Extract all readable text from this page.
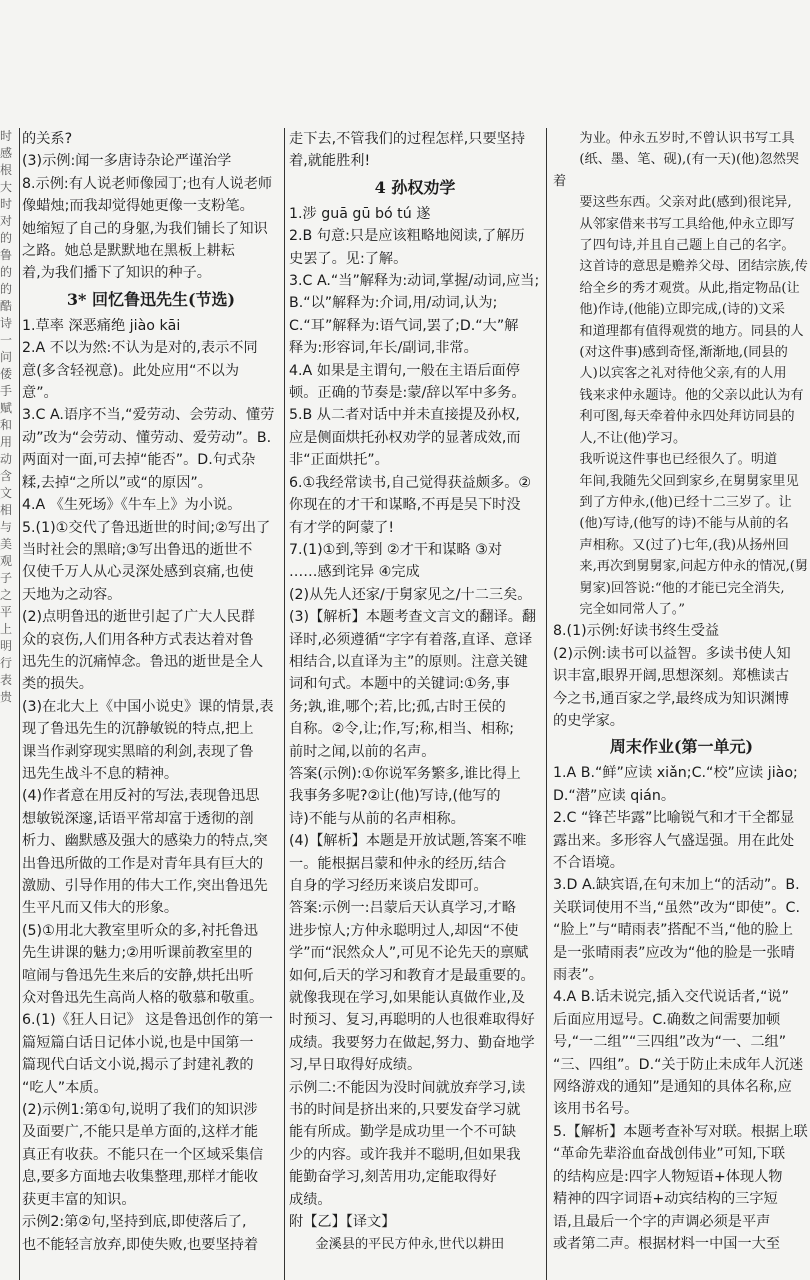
时

感

根

大

时

对

的

鲁

的

的

酷

诗

一

问

倭

手

赋

和

用

动

含

文

相

与

美

观

子

之

平

上

明

行

表

贵

的关系?

(3)示例:闻一多唐诗杂论严谨治学

8.示例:有人说老师像园丁;也有人说老师

像蜡烛;而我却觉得她更像一支粉笔。

她缩短了自己的身躯,为我们铺长了知识

之路。她总是默默地在黑板上耕耘

着,为我们播下了知识的种子。

3* 回忆鲁迅先生(节选)

1.草率 深恶痛绝 jiào kāi

2.A 不以为然:不认为是对的,表示不同

意(多含轻视意)。此处应用“不以为

意”。

3.C A.语序不当,“爱劳动、会劳动、懂劳

动”改为“会劳动、懂劳动、爱劳动”。B.

两面对一面,可去掉“能否”。D.句式杂

糅,去掉“之所以”或“的原因”。

4.A 《生死场》《牛车上》为小说。

5.(1)①交代了鲁迅逝世的时间;②写出了

当时社会的黑暗;③写出鲁迅的逝世不

仅使千万人从心灵深处感到哀痛,也使

天地为之动容。

(2)点明鲁迅的逝世引起了广大人民群

众的哀伤,人们用各种方式表达着对鲁

迅先生的沉痛悼念。鲁迅的逝世是全人

类的损失。

(3)在北大上《中国小说史》课的情景,表

现了鲁迅先生的沉静敏锐的特点,把上

课当作剥穿现实黑暗的利剑,表现了鲁

迅先生战斗不息的精神。

(4)作者意在用反衬的写法,表现鲁迅思

想敏锐深邃,话语平常却富于透彻的剖

析力、幽默感及强大的感染力的特点,突

出鲁迅所做的工作是对青年具有巨大的

激励、引导作用的伟大工作,突出鲁迅先

生平凡而又伟大的形象。

(5)①用北大教室里听众的多,衬托鲁迅

先生讲课的魅力;②用听课前教室里的

喧闹与鲁迅先生来后的安静,烘托出听

众对鲁迅先生高尚人格的敬慕和敬重。

6.(1)《狂人日记》 这是鲁迅创作的第一

篇短篇白话日记体小说,也是中国第一

篇现代白话文小说,揭示了封建礼教的

“吃人”本质。

(2)示例1:第①句,说明了我们的知识涉

及面要广,不能只是单方面的,这样才能

真正有收获。不能只在一个区域采集信

息,要多方面地去收集整理,那样才能收

获更丰富的知识。

示例2:第②句,坚持到底,即使落后了,

也不能轻言放弃,即使失败,也要坚持着

走下去,不管我们的过程怎样,只要坚持

着,就能胜利!

4 孙权劝学

1.涉 guā gū bó tú 遂

2.B 句意:只是应该粗略地阅读,了解历

史罢了。见:了解。

3.C A.“当”解释为:动词,掌握/动词,应当;

B.“以”解释为:介词,用/动词,认为;

C.“耳”解释为:语气词,罢了;D.“大”解

释为:形容词,年长/副词,非常。

4.A 如果是主谓句,一般在主语后面停

顿。正确的节奏是:蒙/辞以军中多务。

5.B 从二者对话中并未直接提及孙权,

应是侧面烘托孙权劝学的显著成效,而

非“正面烘托”。

6.①我经常读书,自己觉得获益颇多。②

你现在的才干和谋略,不再是吴下时没

有才学的阿蒙了!

7.(1)①到,等到 ②才干和谋略 ③对

……感到诧异 ④完成

(2)从先人还家/于舅家见之/十二三矣。

(3)【解析】本题考查文言文的翻译。翻

译时,必须遵循“字字有着落,直译、意译

相结合,以直译为主”的原则。注意关键

词和句式。本题中的关键词:①务,事

务;孰,谁,哪个;若,比;孤,古时王侯的

自称。②令,让;作,写;称,相当、相称;

前时之闻,以前的名声。

答案(示例):①你说军务繁多,谁比得上

我事务多呢?②让(他)写诗,(他写的

诗)不能与从前的名声相称。

(4)【解析】本题是开放试题,答案不唯

一。能根据吕蒙和仲永的经历,结合

自身的学习经历来谈启发即可。

答案:示例一:吕蒙后天认真学习,才略

进步惊人;方仲永聪明过人,却因“不使

学”而“泯然众人”,可见不论先天的禀赋

如何,后天的学习和教育才是最重要的。

就像我现在学习,如果能认真做作业,及

时预习、复习,再聪明的人也很难取得好

成绩。我要努力在做起,努力、勤奋地学

习,早日取得好成绩。

示例二:不能因为没时间就放弃学习,读

书的时间是挤出来的,只要发奋学习就

能有所成。勤学是成功里一个不可缺

少的内容。或许我并不聪明,但如果我

能勤奋学习,刻苦用功,定能取得好

成绩。

附【乙】【译文】

金溪县的平民方仲永,世代以耕田

为业。仲永五岁时,不曾认识书写工具

(纸、墨、笔、砚),(有一天)(他)忽然哭着

要这些东西。父亲对此(感到)很诧异,

从邻家借来书写工具给他,仲永立即写

了四句诗,并且自己题上自己的名字。

这首诗的意思是赡养父母、团结宗族,传

给全乡的秀才观赏。从此,指定物品(让

他)作诗,(他能)立即完成,(诗的)文采

和道理都有值得观赏的地方。同县的人

(对这件事)感到奇怪,渐渐地,(同县的

人)以宾客之礼对待他父亲,有的人用

钱来求仲永题诗。他的父亲以此认为有

利可图,每天牵着仲永四处拜访同县的

人,不让(他)学习。

我听说这件事也已经很久了。明道

年间,我随先父回到家乡,在舅舅家里见

到了方仲永,(他)已经十二三岁了。让

(他)写诗,(他写的诗)不能与从前的名

声相称。又(过了)七年,(我)从扬州回

来,再次到舅舅家,问起方仲永的情况,(舅

舅家)回答说:“他的才能已完全消失,

完全如同常人了。”

8.(1)示例:好读书终生受益

(2)示例:读书可以益智。多读书使人知

识丰富,眼界开阔,思想深刻。郑樵读古

今之书,通百家之学,最终成为知识渊博

的史学家。

周末作业(第一单元)

1.A B.“鲜”应读 xiǎn;C.“校”应读 jiào;

D.“潜”应读 qián。

2.C “锋芒毕露”比喻锐气和才干全都显

露出来。多形容人气盛逞强。用在此处

不合语境。

3.D A.缺宾语,在句末加上“的活动”。B.

关联词使用不当,“虽然”改为“即使”。C.

“脸上”与“晴雨表”搭配不当,“他的脸上

是一张晴雨表”应改为“他的脸是一张晴

雨表”。

4.A B.话未说完,插入交代说话者,“说”

后面应用逗号。C.确数之间需要加顿

号,“一二组”“三四组”改为“一、二组”

“三、四组”。D.“关于防止未成年人沉迷

网络游戏的通知”是通知的具体名称,应

该用书名号。

5.【解析】本题考查补写对联。根据上联

“革命先辈浴血奋战创伟业”可知,下联

的结构应是:四字人物短语+体现人物

精神的四字词语+动宾结构的三字短

语,且最后一个字的声调必须是平声

或者第二声。根据材料一中国一大至
